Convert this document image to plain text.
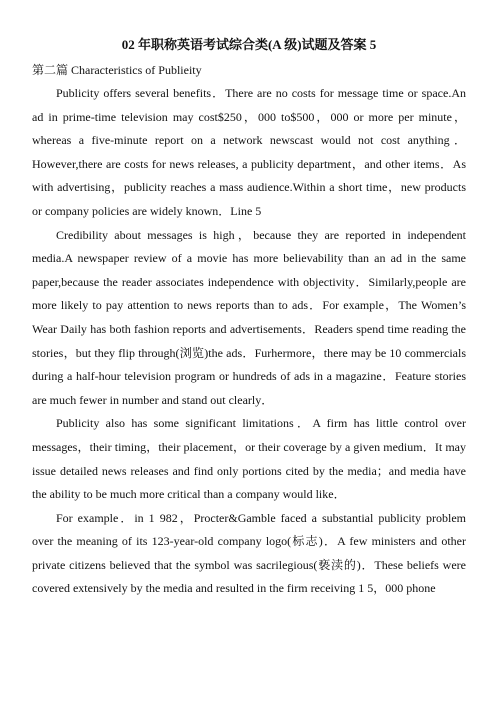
02 年职称英语考试综合类(A 级)试题及答案 5
第二篇 Characteristics of Publieity

Publicity offers several benefits．There are no costs for message time or space.An ad in prime-time television may cost$250，000 to$500，000 or more per minute，whereas a five-minute report on a network newscast would not cost anything．However,there are costs for news releases, a publicity department，and other items．As with advertising，publicity reaches a mass audience.Within a short time，new products or company policies are widely known．Line 5

Credibility about messages is high，because they are reported in independent media.A newspaper review of a movie has more believability than an ad in the same paper,because the reader associates independence with objectivity．Similarly,people are more likely to pay attention to news reports than to ads．For example，The Women’s Wear Daily has both fashion reports and advertisements．Readers spend time reading the stories，but they flip through(浏览)the ads．Furhermore，there may be 10 commercials during a half-hour television program or hundreds of ads in a magazine．Feature stories are much fewer in number and stand out clearly．

Publicity also has some significant limitations．A firm has little control over messages，their timing，their placement，or their coverage by a given medium．It may issue detailed news releases and find only portions cited by the media；and media have the ability to be much more critical than a company would like．

For example．in 1 982，Procter&Gamble faced a substantial publicity problem over the meaning of its 123-year-old company logo(标志)．A few ministers and other private citizens believed that the symbol was sacrilegious(亵渎的)．These beliefs were covered extensively by the media and resulted in the firm receiving 1 5，000 phone
